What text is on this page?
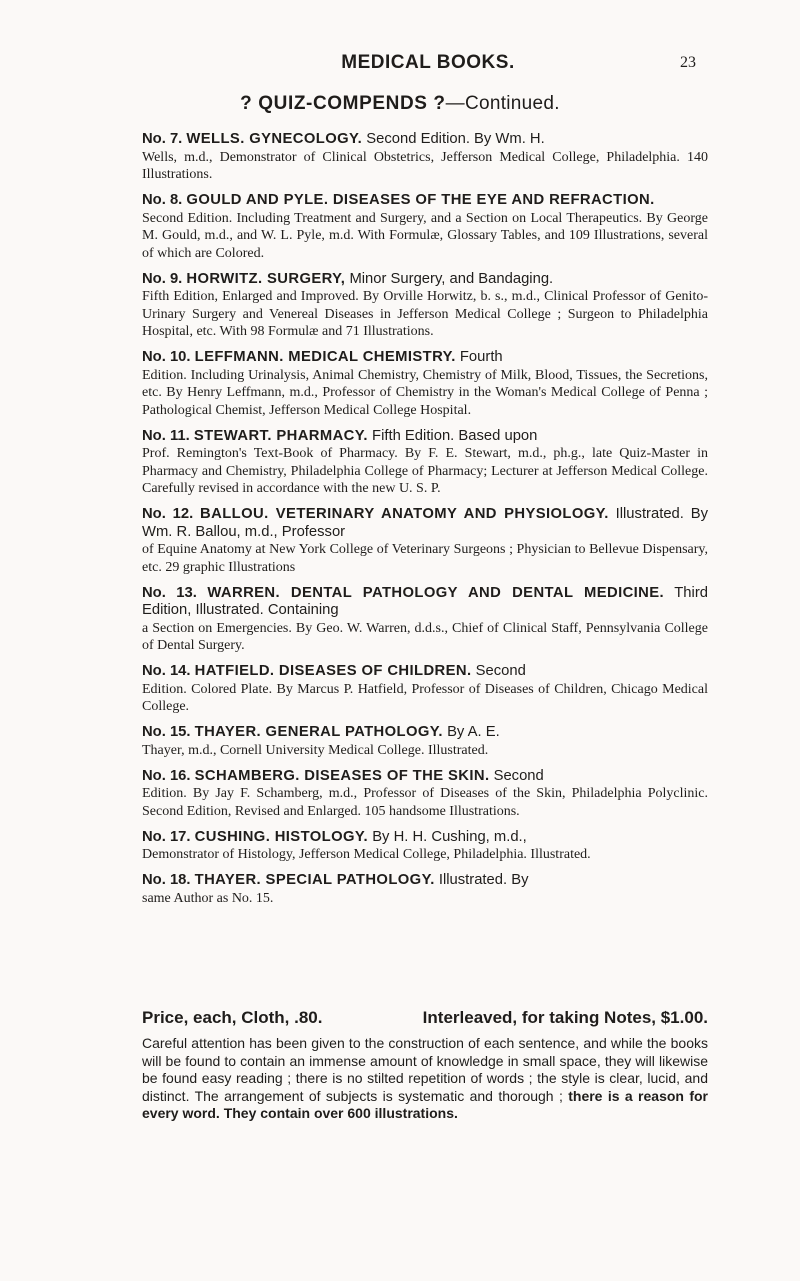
MEDICAL BOOKS.	23
? QUIZ-COMPENDS ?—Continued.
No. 7. WELLS. GYNECOLOGY. Second Edition. By Wm. H.
Wells, m.d., Demonstrator of Clinical Obstetrics, Jefferson Medical College, Philadelphia. 140 Illustrations.
No. 8. GOULD AND PYLE. DISEASES OF THE EYE AND REFRACTION.
Second Edition. Including Treatment and Surgery, and a Section on Local Therapeutics. By George M. Gould, m.d., and W. L. Pyle, m.d. With Formulæ, Glossary Tables, and 109 Illustrations, several of which are Colored.
No. 9. HORWITZ. SURGERY, Minor Surgery, and Bandaging.
Fifth Edition, Enlarged and Improved. By Orville Horwitz, b. s., m.d., Clinical Professor of Genito-Urinary Surgery and Venereal Diseases in Jefferson Medical College ; Surgeon to Philadelphia Hospital, etc. With 98 Formulæ and 71 Illustrations.
No. 10. LEFFMANN. MEDICAL CHEMISTRY. Fourth
Edition. Including Urinalysis, Animal Chemistry, Chemistry of Milk, Blood, Tissues, the Secretions, etc. By Henry Leffmann, m.d., Professor of Chemistry in the Woman's Medical College of Penna ; Pathological Chemist, Jefferson Medical College Hospital.
No. 11. STEWART. PHARMACY. Fifth Edition. Based upon
Prof. Remington's Text-Book of Pharmacy. By F. E. Stewart, m.d., ph.g., late Quiz-Master in Pharmacy and Chemistry, Philadelphia College of Pharmacy; Lecturer at Jefferson Medical College. Carefully revised in accordance with the new U. S. P.
No. 12. BALLOU. VETERINARY ANATOMY AND PHYSIOLOGY. Illustrated. By Wm. R. Ballou, m.d., Professor
of Equine Anatomy at New York College of Veterinary Surgeons ; Physician to Bellevue Dispensary, etc. 29 graphic Illustrations
No. 13. WARREN. DENTAL PATHOLOGY AND DENTAL MEDICINE. Third Edition, Illustrated. Containing
a Section on Emergencies. By Geo. W. Warren, d.d.s., Chief of Clinical Staff, Pennsylvania College of Dental Surgery.
No. 14. HATFIELD. DISEASES OF CHILDREN. Second
Edition. Colored Plate. By Marcus P. Hatfield, Professor of Diseases of Children, Chicago Medical College.
No. 15. THAYER. GENERAL PATHOLOGY. By A. E.
Thayer, m.d., Cornell University Medical College. Illustrated.
No. 16. SCHAMBERG. DISEASES OF THE SKIN. Second
Edition. By Jay F. Schamberg, m.d., Professor of Diseases of the Skin, Philadelphia Polyclinic. Second Edition, Revised and Enlarged. 105 handsome Illustrations.
No. 17. CUSHING. HISTOLOGY. By H. H. Cushing, m.d.,
Demonstrator of Histology, Jefferson Medical College, Philadelphia. Illustrated.
No. 18. THAYER. SPECIAL PATHOLOGY. Illustrated. By
same Author as No. 15.
Price, each, Cloth, .80.	Interleaved, for taking Notes, $1.00.
Careful attention has been given to the construction of each sentence, and while the books will be found to contain an immense amount of knowledge in small space, they will likewise be found easy reading ; there is no stilted repetition of words ; the style is clear, lucid, and distinct. The arrangement of subjects is systematic and thorough ; there is a reason for every word. They contain over 600 illustrations.
